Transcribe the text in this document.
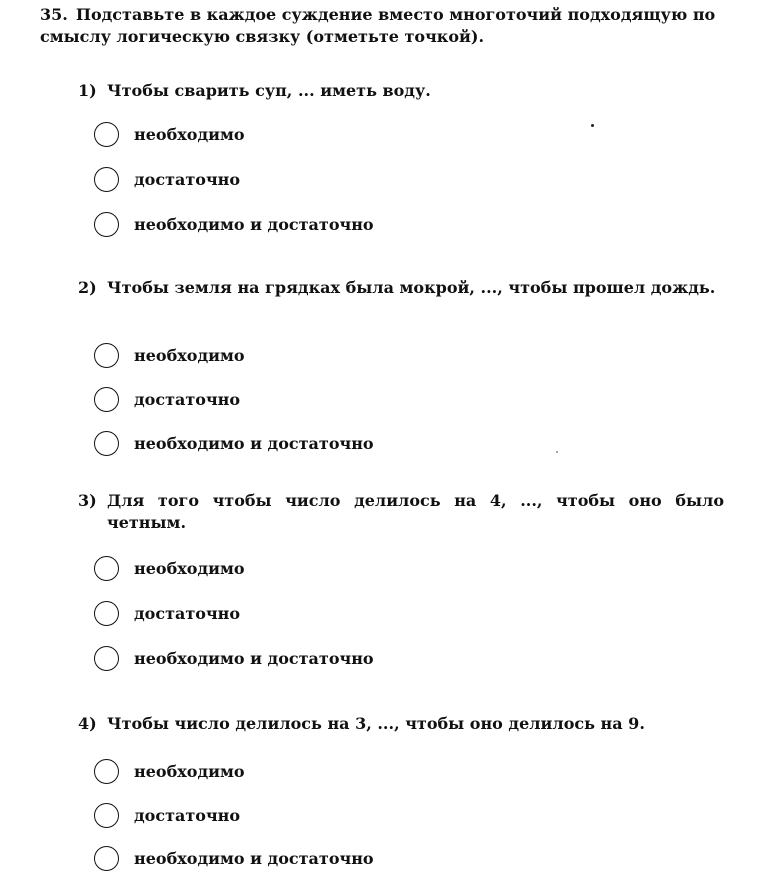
35. Подставьте в каждое суждение вместо многоточий подходящую по смыслу логическую связку (отметьте точкой).
1) Чтобы сварить суп, ... иметь воду.
необходимо
достаточно
необходимо и достаточно
2) Чтобы земля на грядках была мокрой, ..., чтобы прошел дождь.
необходимо
достаточно
необходимо и достаточно
3) Для того чтобы число делилось на 4, ..., чтобы оно было четным.
необходимо
достаточно
необходимо и достаточно
4) Чтобы число делилось на 3, ..., чтобы оно делилось на 9.
необходимо
достаточно
необходимо и достаточно
